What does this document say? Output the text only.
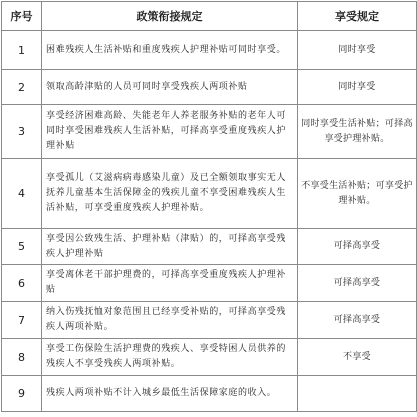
序号	政策衔接规定	享受规定
1	困难残疾人生活补贴和重度残疾人护理补贴可同时享受。	同时享受
2	领取高龄津贴的人员可同时享受残疾人两项补贴	同时享受
3	享受经济困难高龄、失能老年人养老服务补贴的老年人可同时享受困难残疾人生活补贴，可择高享受重度残疾人护理补贴	同时享受生活补贴；可择高享受护理补贴。
4	享受孤儿（艾滋病病毒感染儿童）及已全额领取事实无人抚养儿童基本生活保障金的残疾儿童不享受困难残疾人生活补贴，可享受重度残疾人护理补贴。	不享受生活补贴；可享受护理补贴。
5	享受因公致残生活、护理补贴（津贴）的，可择高享受残疾人护理补贴	可择高享受
6	享受离休老干部护理费的，可择高享受重度残疾人护理补贴	可择高享受
7	纳入伤残抚恤对象范围且已经享受补贴的，可择高享受残疾人两项补贴。	可择高享受
8	享受工伤保险生活护理费的残疾人、享受特困人员供养的残疾人不享受残疾人两项补贴。	不享受
9	残疾人两项补贴不计入城乡最低生活保障家庭的收入。	
